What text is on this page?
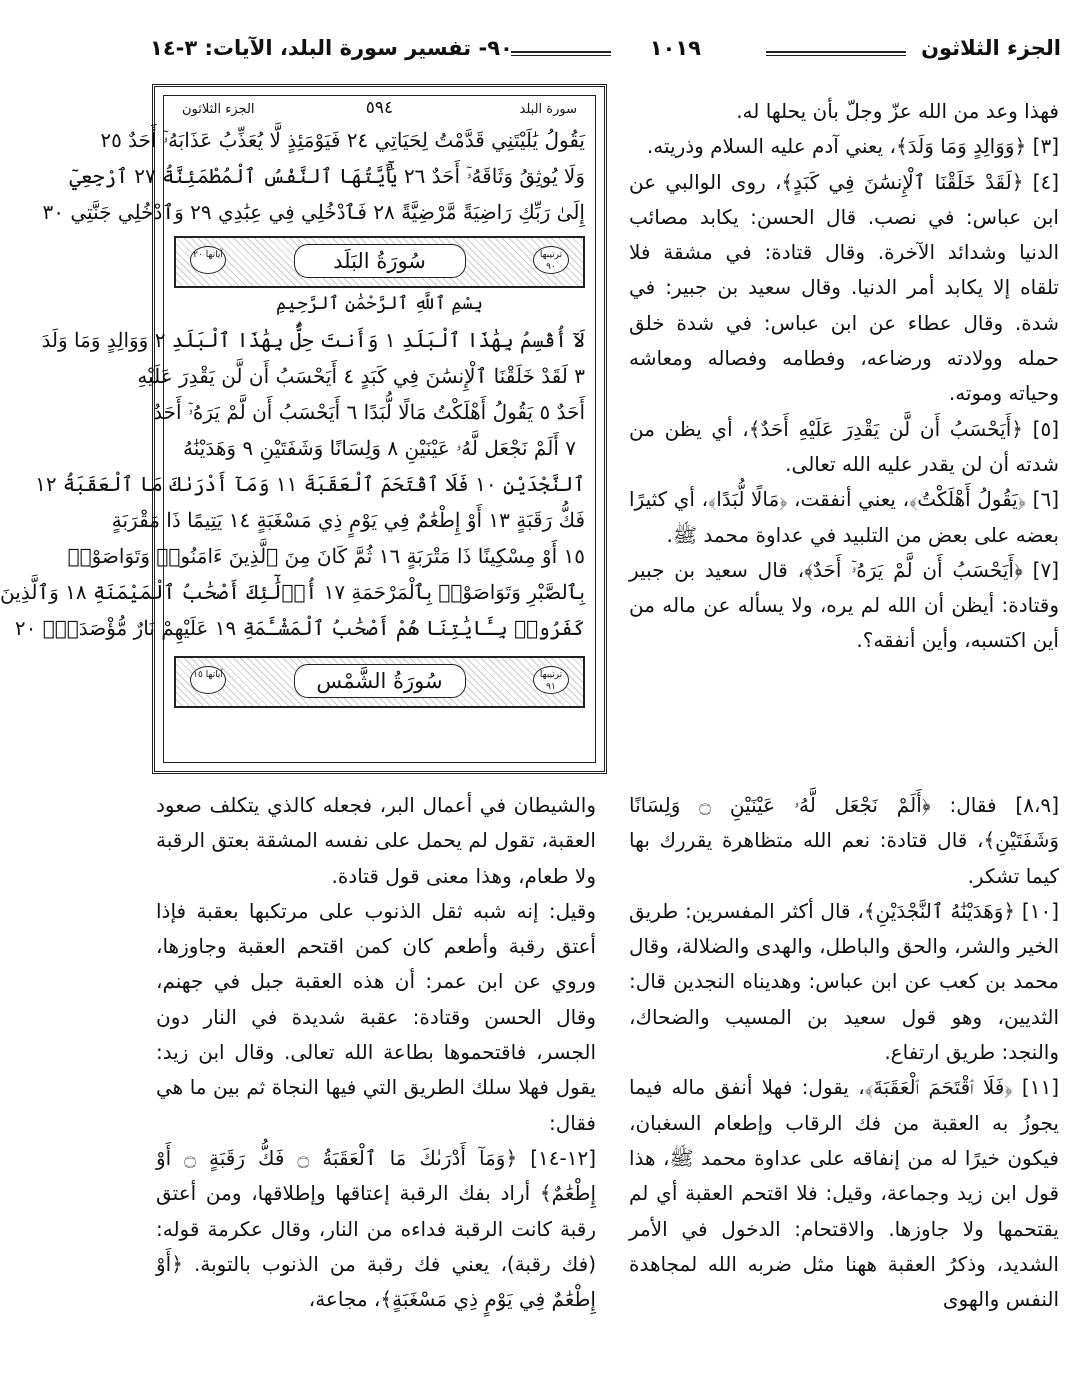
الجزء الثلاثون
١٠١٩
٩٠- تفسير سورة البلد، الآيات: ٣-١٤
سورة البلد
٥٩٤
الجزء الثلاثون
يَقُولُ يَٰلَيْتَنِي قَدَّمْتُ لِحَيَاتِي ٢٤ فَيَوْمَئِذٍ لَّا يُعَذِّبُ عَذَابَهُۥٓ أَحَدٌ ٢٥
وَلَا يُوثِقُ وَثَاقَهُۥٓ أَحَدٌ ٢٦ يَٰٓأَيَّتُهَا ٱلنَّفْسُ ٱلْمُطْمَئِنَّةُ ٢٧ ٱرْجِعِيٓ
إِلَىٰ رَبِّكِ رَاضِيَةً مَّرْضِيَّةً ٢٨ فَٱدْخُلِي فِي عِبَٰدِي ٢٩ وَٱدْخُلِي جَنَّتِي ٣٠
ترتيبها ٩٠
سُورَةُ البَلَد
آياتها ٢٠
بِسْمِ ٱللَّهِ ٱلرَّحْمَٰنِ ٱلرَّحِيمِ
لَآ أُقْسِمُ بِهَٰذَا ٱلْبَلَدِ ١ وَأَنتَ حِلٌّۢ بِهَٰذَا ٱلْبَلَدِ ٢ وَوَالِدٍ وَمَا وَلَدَ
٣ لَقَدْ خَلَقْنَا ٱلْإِنسَٰنَ فِي كَبَدٍ ٤ أَيَحْسَبُ أَن لَّن يَقْدِرَ عَلَيْهِ
أَحَدٌ ٥ يَقُولُ أَهْلَكْتُ مَالًا لُّبَدًا ٦ أَيَحْسَبُ أَن لَّمْ يَرَهُۥٓ أَحَدٌ
٧ أَلَمْ نَجْعَل لَّهُۥ عَيْنَيْنِ ٨ وَلِسَانًا وَشَفَتَيْنِ ٩ وَهَدَيْنَٰهُ
ٱلنَّجْدَيْنِ ١٠ فَلَا ٱقْتَحَمَ ٱلْعَقَبَةَ ١١ وَمَآ أَدْرَىٰكَ مَا ٱلْعَقَبَةُ ١٢
فَكُّ رَقَبَةٍ ١٣ أَوْ إِطْعَٰمٌ فِي يَوْمٍ ذِي مَسْغَبَةٍ ١٤ يَتِيمًا ذَا مَقْرَبَةٍ
١٥ أَوْ مِسْكِينًا ذَا مَتْرَبَةٍ ١٦ ثُمَّ كَانَ مِنَ ٱلَّذِينَ ءَامَنُوا۟ وَتَوَاصَوْا۟
بِٱلصَّبْرِ وَتَوَاصَوْا۟ بِٱلْمَرْحَمَةِ ١٧ أُو۟لَٰٓئِكَ أَصْحَٰبُ ٱلْمَيْمَنَةِ ١٨ وَٱلَّذِينَ
كَفَرُوا۟ بِـَٔايَٰتِنَا هُمْ أَصْحَٰبُ ٱلْمَشْـَٔمَةِ ١٩ عَلَيْهِمْ نَارٌ مُّؤْصَدَةٌۢ ٢٠
ترتيبها ٩١
سُورَةُ الشَّمْس
آياتها ١٥

فهذا وعد من الله عزّ وجلّ بأن يحلها له.

[٣] ﴿وَوَالِدٍ وَمَا وَلَدَ﴾، يعني آدم عليه السلام وذريته.

[٤] ﴿لَقَدْ خَلَقْنَا ٱلْإِنسَٰنَ فِي كَبَدٍ﴾، روى الوالبي عن ابن عباس: في نصب. قال الحسن: يكابد مصائب الدنيا وشدائد الآخرة. وقال قتادة: في مشقة فلا تلقاه إلا يكابد أمر الدنيا. وقال سعيد بن جبير: في شدة. وقال عطاء عن ابن عباس: في شدة خلق حمله وولادته ورضاعه، وفطامه وفصاله ومعاشه وحياته وموته.

[٥] ﴿أَيَحْسَبُ أَن لَّن يَقْدِرَ عَلَيْهِ أَحَدٌ﴾، أي يظن من شدته أن لن يقدر عليه الله تعالى.

[٦] ﴿يَقُولُ أَهْلَكْتُ﴾، يعني أنفقت، ﴿مَالًا لُّبَدًا﴾، أي كثيرًا بعضه على بعض من التلبيد في عداوة محمد ﷺ.

[٧] ﴿أَيَحْسَبُ أَن لَّمْ يَرَهُۥٓ أَحَدٌ﴾، قال سعيد بن جبير وقتادة: أيظن أن الله لم يره، ولا يسأله عن ماله من أين اكتسبه، وأين أنفقه؟.

[٨،٩] فقال: ﴿أَلَمْ نَجْعَل لَّهُۥ عَيْنَيْنِ ۝ وَلِسَانًا وَشَفَتَيْنِ﴾، قال قتادة: نعم الله متظاهرة يقررك بها كيما تشكر.

[١٠] ﴿وَهَدَيْنَٰهُ ٱلنَّجْدَيْنِ﴾، قال أكثر المفسرين: طريق الخير والشر، والحق والباطل، والهدى والضلالة، وقال محمد بن كعب عن ابن عباس: وهديناه النجدين قال: الثديين، وهو قول سعيد بن المسيب والضحاك، والنجد: طريق ارتفاع.

[١١] ﴿فَلَا ٱقْتَحَمَ ٱلْعَقَبَةَ﴾، يقول: فهلا أنفق ماله فيما يجوزُ به العقبة من فك الرقاب وإطعام السغبان، فيكون خيرًا له من إنفاقه على عداوة محمد ﷺ، هذا قول ابن زيد وجماعة، وقيل: فلا اقتحم العقبة أي لم يقتحمها ولا جاوزها. والاقتحام: الدخول في الأمر الشديد، وذكرُ العقبة ههنا مثل ضربه الله لمجاهدة النفس والهوى

والشيطان في أعمال البر، فجعله كالذي يتكلف صعود العقبة، تقول لم يحمل على نفسه المشقة بعتق الرقبة ولا طعام، وهذا معنى قول قتادة.

وقيل: إنه شبه ثقل الذنوب على مرتكبها بعقبة فإذا أعتق رقبة وأطعم كان كمن اقتحم العقبة وجاوزها، وروي عن ابن عمر: أن هذه العقبة جبل في جهنم، وقال الحسن وقتادة: عقبة شديدة في النار دون الجسر، فاقتحموها بطاعة الله تعالى. وقال ابن زيد: يقول فهلا سلك الطريق التي فيها النجاة ثم بين ما هي فقال:

[١٢-١٤] ﴿وَمَآ أَدْرَىٰكَ مَا ٱلْعَقَبَةُ ۝ فَكُّ رَقَبَةٍ ۝ أَوْ إِطْعَٰمٌ﴾ أراد بفك الرقبة إعتاقها وإطلاقها، ومن أعتق رقبة كانت الرقبة فداءه من النار، وقال عكرمة قوله: (فك رقبة)، يعني فك رقبة من الذنوب بالتوبة. ﴿أَوْ إِطْعَٰمٌ فِي يَوْمٍ ذِي مَسْغَبَةٍ﴾، مجاعة،
